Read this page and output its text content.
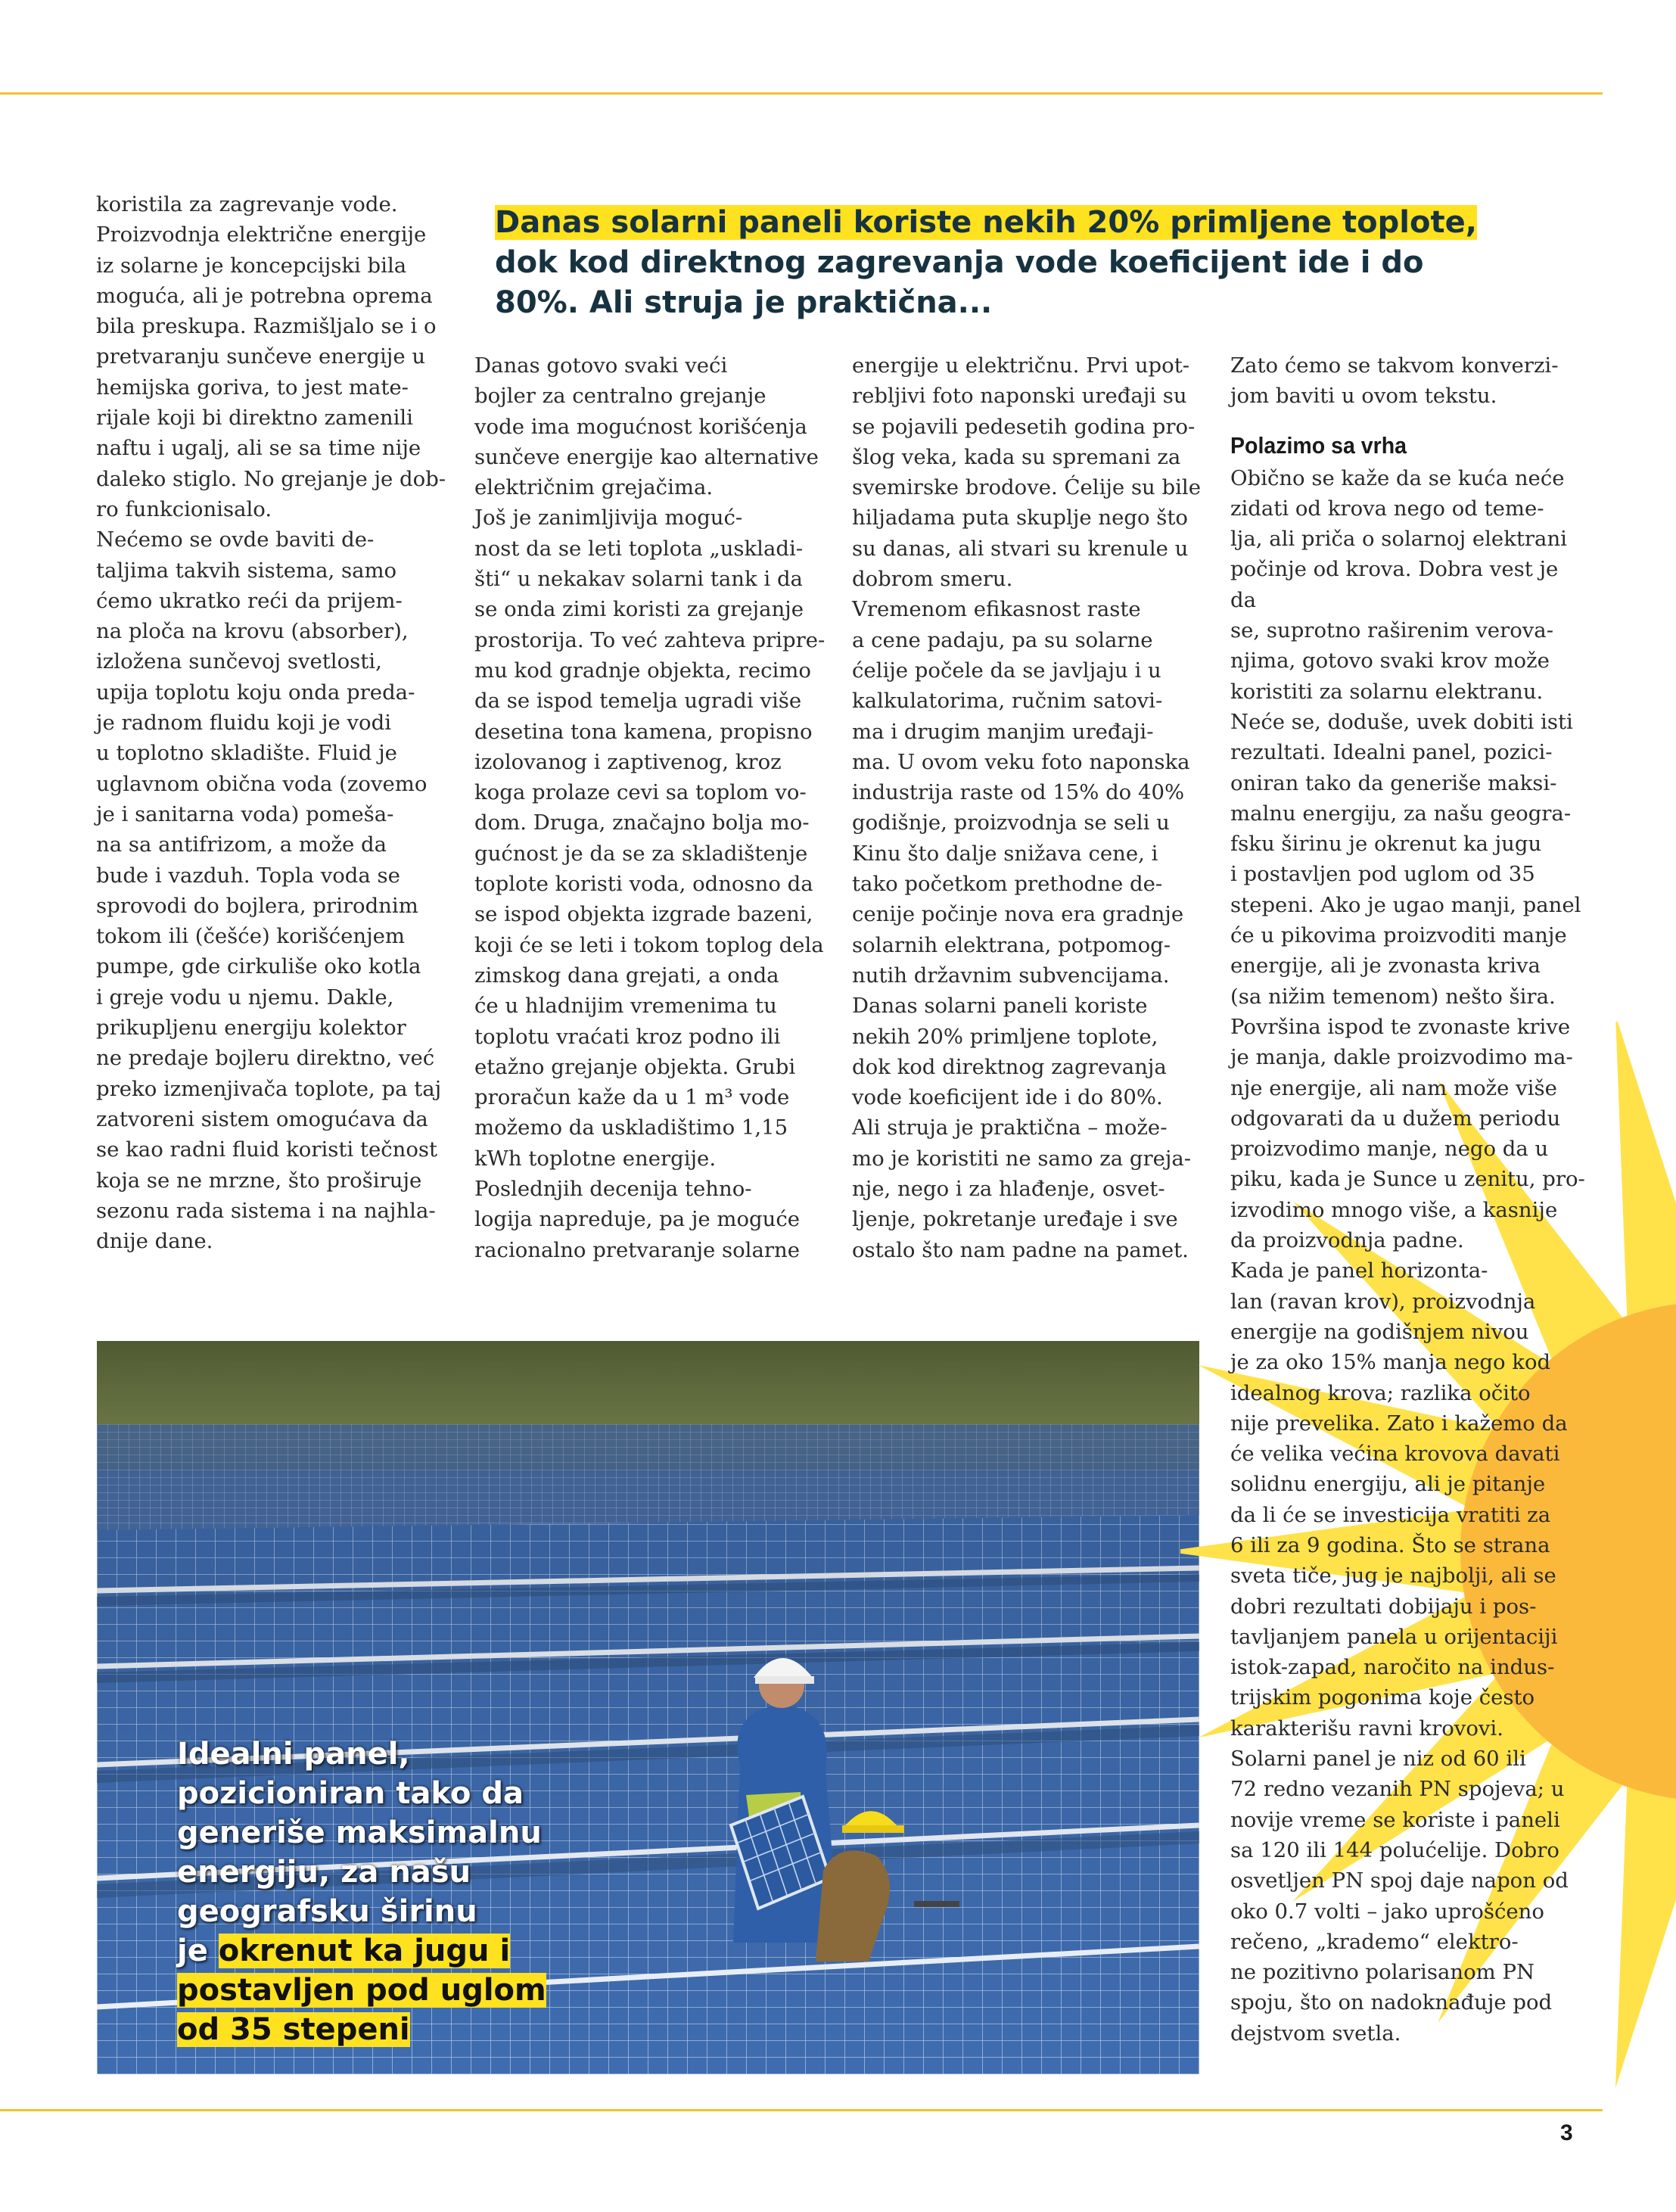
Danas solarni paneli koriste nekih 20% primljene toplote,
dok kod direktnog zagrevanja vode koeficijent ide i do
80%. Ali struja je praktična...

koristila za zagrevanje vode.
Proizvodnja električne energije
iz solarne je koncepcijski bila
moguća, ali je potrebna oprema
bila preskupa. Razmišljalo se i o
pretvaranju sunčeve energije u
hemijska goriva, to jest mate-
rijale koji bi direktno zamenili
naftu i ugalj, ali se sa time nije
daleko stiglo. No grejanje je dob-
ro funkcionisalo.
Nećemo se ovde baviti de-
taljima takvih sistema, samo
ćemo ukratko reći da prijem-
na ploča na krovu (absorber),
izložena sunčevoj svetlosti,
upija toplotu koju onda preda-
je radnom fluidu koji je vodi
u toplotno skladište. Fluid je
uglavnom obična voda (zovemo
je i sanitarna voda) pomeša-
na sa antifrizom, a može da
bude i vazduh. Topla voda se
sprovodi do bojlera, prirodnim
tokom ili (češće) korišćenjem
pumpe, gde cirkuliše oko kotla
i greje vodu u njemu. Dakle,
prikupljenu energiju kolektor
ne predaje bojleru direktno, već
preko izmenjivača toplote, pa taj
zatvoreni sistem omogućava da
se kao radni fluid koristi tečnost
koja se ne mrzne, što proširuje
sezonu rada sistema i na najhla-
dnije dane.

Danas gotovo svaki veći
bojler za centralno grejanje
vode ima mogućnost korišćenja
sunčeve energije kao alternative
električnim grejačima.
Još je zanimljivija moguć-
nost da se leti toplota „uskladi-
šti“ u nekakav solarni tank i da
se onda zimi koristi za grejanje
prostorija. To već zahteva pripre-
mu kod gradnje objekta, recimo
da se ispod temelja ugradi više
desetina tona kamena, propisno
izolovanog i zaptivenog, kroz
koga prolaze cevi sa toplom vo-
dom. Druga, značajno bolja mo-
gućnost je da se za skladištenje
toplote koristi voda, odnosno da
se ispod objekta izgrade bazeni,
koji će se leti i tokom toplog dela
zimskog dana grejati, a onda
će u hladnijim vremenima tu
toplotu vraćati kroz podno ili
etažno grejanje objekta. Grubi
proračun kaže da u 1 m³ vode
možemo da uskladištimo 1,15
kWh toplotne energije.
Poslednjih decenija tehno-
logija napreduje, pa je moguće
racionalno pretvaranje solarne

energije u električnu. Prvi upot-
rebljivi foto naponski uređaji su
se pojavili pedesetih godina pro-
šlog veka, kada su spremani za
svemirske brodove. Ćelije su bile
hiljadama puta skuplje nego što
su danas, ali stvari su krenule u
dobrom smeru.
Vremenom efikasnost raste
a cene padaju, pa su solarne
ćelije počele da se javljaju i u
kalkulatorima, ručnim satovi-
ma i drugim manjim uređaji-
ma. U ovom veku foto naponska
industrija raste od 15% do 40%
godišnje, proizvodnja se seli u
Kinu što dalje snižava cene, i
tako početkom prethodne de-
cenije počinje nova era gradnje
solarnih elektrana, potpomog-
nutih državnim subvencijama.
Danas solarni paneli koriste
nekih 20% primljene toplote,
dok kod direktnog zagrevanja
vode koeficijent ide i do 80%.
Ali struja je praktična – može-
mo je koristiti ne samo za greja-
nje, nego i za hlađenje, osvet-
ljenje, pokretanje uređaje i sve
ostalo što nam padne na pamet.

Zato ćemo se takvom konverzi-
jom baviti u ovom tekstu.

Polazimo sa vrha

Obično se kaže da se kuća neće
zidati od krova nego od teme-
lja, ali priča o solarnoj elektrani
počinje od krova. Dobra vest je da
se, suprotno raširenim verova-
njima, gotovo svaki krov može
koristiti za solarnu elektranu.
Neće se, doduše, uvek dobiti isti
rezultati. Idealni panel, pozici-
oniran tako da generiše maksi-
malnu energiju, za našu geogra-
fsku širinu je okrenut ka jugu
i postavljen pod uglom od 35
stepeni. Ako je ugao manji, panel
će u pikovima proizvoditi manje
energije, ali je zvonasta kriva
(sa nižim temenom) nešto šira.
Površina ispod te zvonaste krive
je manja, dakle proizvodimo ma-
nje energije, ali nam može više
odgovarati da u dužem periodu
proizvodimo manje, nego da u
piku, kada je Sunce u zenitu, pro-
izvodimo mnogo više, a kasnije
da proizvodnja padne.
Kada je panel horizonta-
lan (ravan krov), proizvodnja
energije na godišnjem nivou
je za oko 15% manja nego kod
idealnog krova; razlika očito
nije prevelika. Zato i kažemo da
će velika većina krovova davati
solidnu energiju, ali je pitanje
da li će se investicija vratiti za
6 ili za 9 godina. Što se strana
sveta tiče, jug je najbolji, ali se
dobri rezultati dobijaju i pos-
tavljanjem panela u orijentaciji
istok-zapad, naročito na indus-
trijskim pogonima koje često
karakterišu ravni krovovi.
Solarni panel je niz od 60 ili
72 redno vezanih PN spojeva; u
novije vreme se koriste i paneli
sa 120 ili 144 polućelije. Dobro
osvetljen PN spoj daje napon od
oko 0.7 volti – jako uprošćeno
rečeno, „krademo“ elektro-
ne pozitivno polarisanom PN
spoju, što on nadoknađuje pod
dejstvom svetla.

Idealni panel,
pozicioniran tako da
generiše maksimalnu
energiju, za našu
geografsku širinu
je okrenut ka jugu i
postavljen pod uglom
od 35 stepeni

3
